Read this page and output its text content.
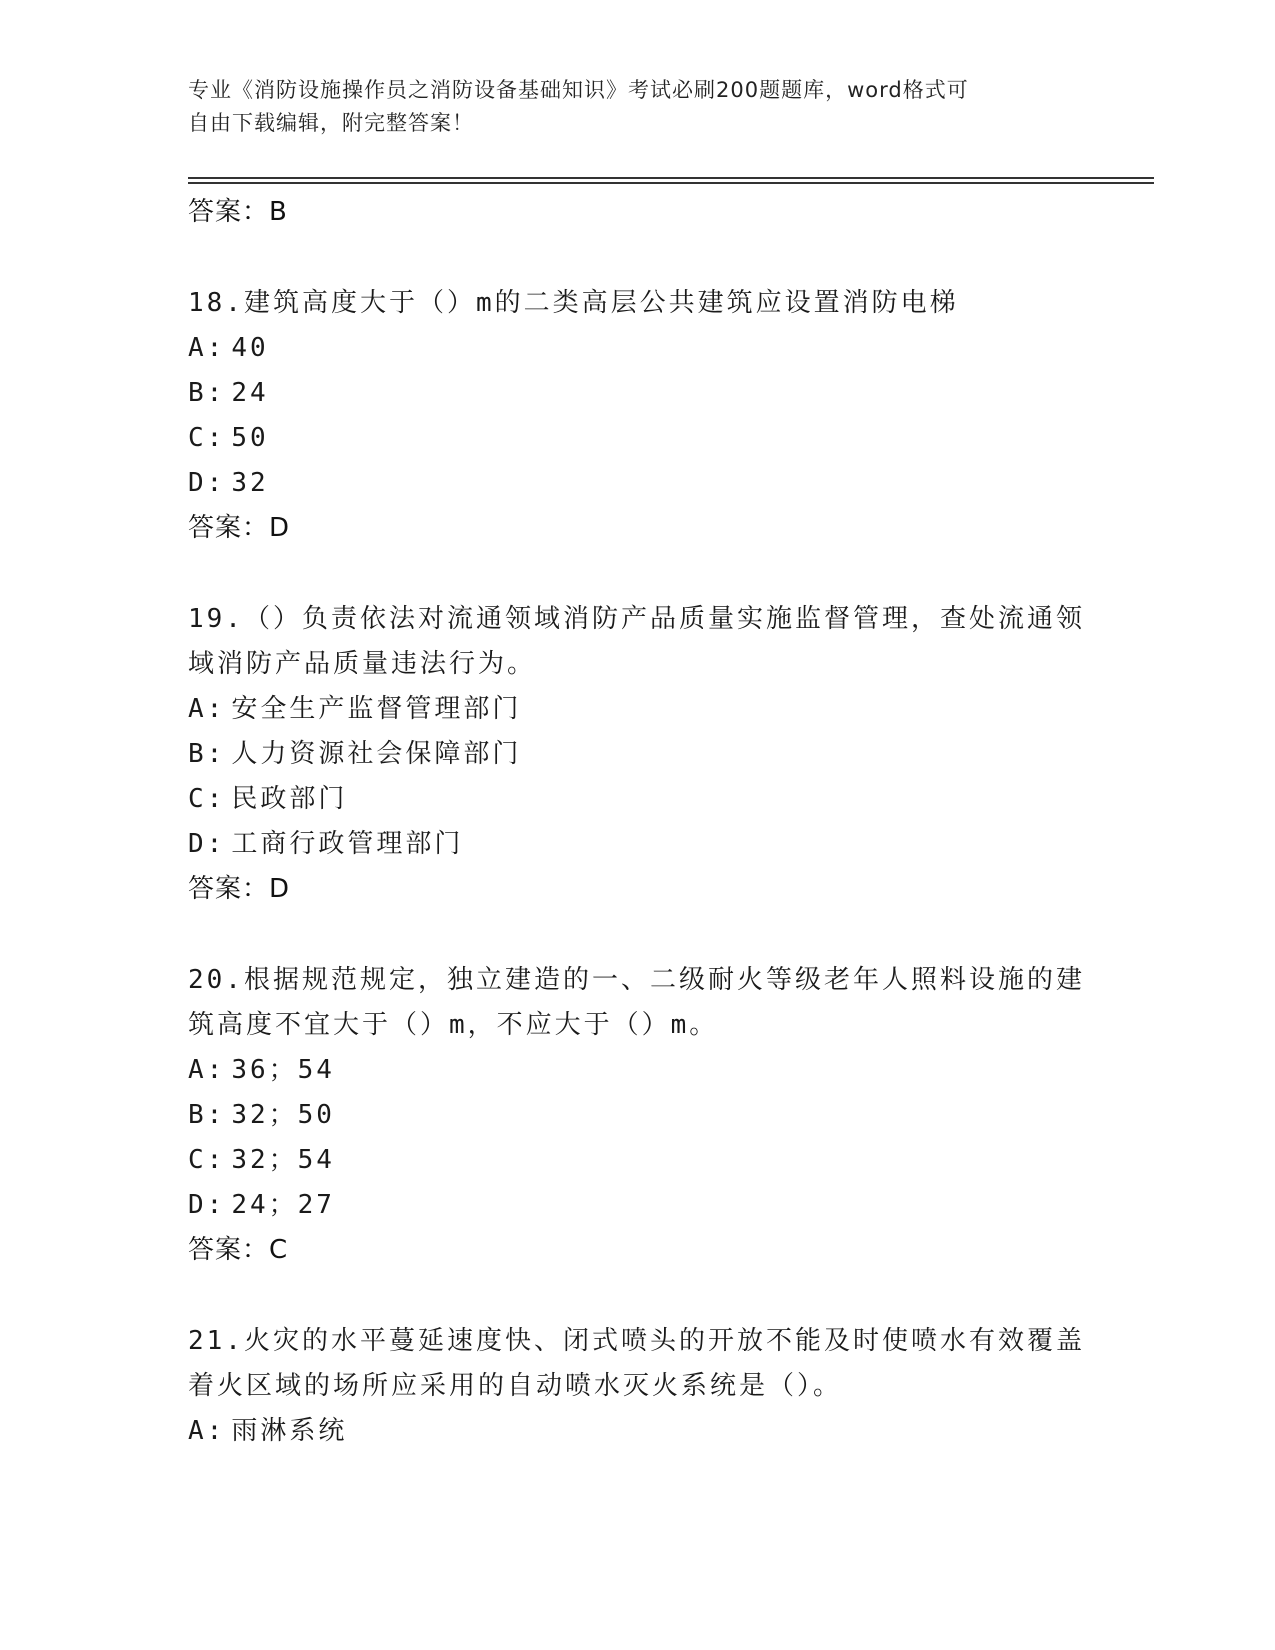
专业《消防设施操作员之消防设备基础知识》考试必刷200题题库，word格式可
自由下载编辑，附完整答案！
答案：B
18.建筑高度大于（）m的二类高层公共建筑应设置消防电梯
A: 40
B: 24
C: 50
D: 32
答案：D
19.（）负责依法对流通领域消防产品质量实施监督管理，查处流通领
域消防产品质量违法行为。
A: 安全生产监督管理部门
B: 人力资源社会保障部门
C: 民政部门
D: 工商行政管理部门
答案：D
20.根据规范规定，独立建造的一、二级耐火等级老年人照料设施的建
筑高度不宜大于（）m，不应大于（）m。
A: 36；54
B: 32；50
C: 32；54
D: 24；27
答案：C
21.火灾的水平蔓延速度快、闭式喷头的开放不能及时使喷水有效覆盖
着火区域的场所应采用的自动喷水灭火系统是（）。
A: 雨淋系统
